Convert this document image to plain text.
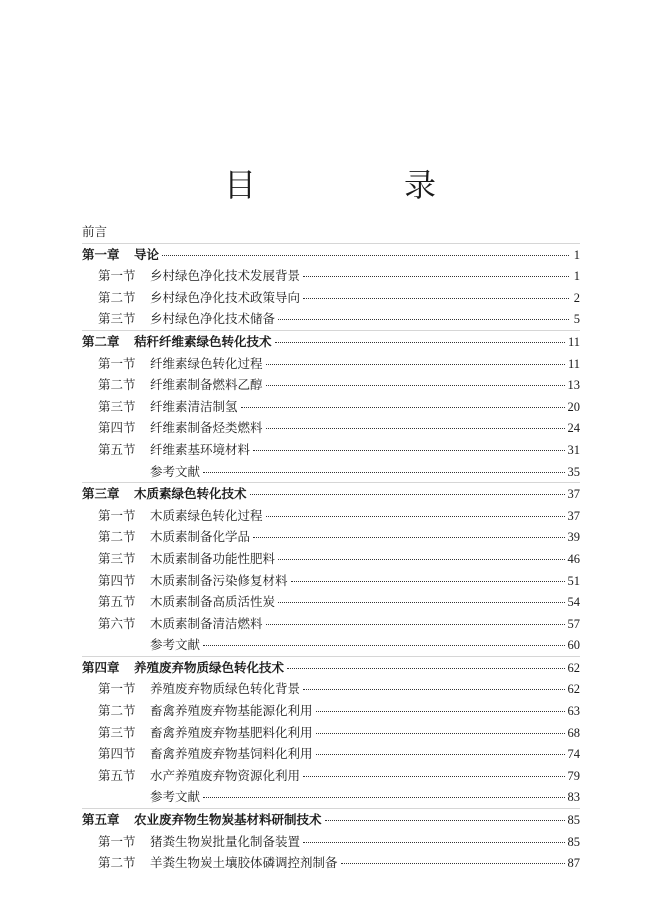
目　录
前言
第一章	导论	1
第一节	乡村绿色净化技术发展背景	1
第二节	乡村绿色净化技术政策导向	2
第三节	乡村绿色净化技术储备	5
第二章	秸秆纤维素绿色转化技术	11
第一节	纤维素绿色转化过程	11
第二节	纤维素制备燃料乙醇	13
第三节	纤维素清洁制氢	20
第四节	纤维素制备烃类燃料	24
第五节	纤维素基环境材料	31
参考文献	35
第三章	木质素绿色转化技术	37
第一节	木质素绿色转化过程	37
第二节	木质素制备化学品	39
第三节	木质素制备功能性肥料	46
第四节	木质素制备污染修复材料	51
第五节	木质素制备高质活性炭	54
第六节	木质素制备清洁燃料	57
参考文献	60
第四章	养殖废弃物质绿色转化技术	62
第一节	养殖废弃物质绿色转化背景	62
第二节	畜禽养殖废弃物基能源化利用	63
第三节	畜禽养殖废弃物基肥料化利用	68
第四节	畜禽养殖废弃物基饲料化利用	74
第五节	水产养殖废弃物资源化利用	79
参考文献	83
第五章	农业废弃物生物炭基材料研制技术	85
第一节	猪粪生物炭批量化制备装置	85
第二节	羊粪生物炭土壤胶体磷调控剂制备	87
